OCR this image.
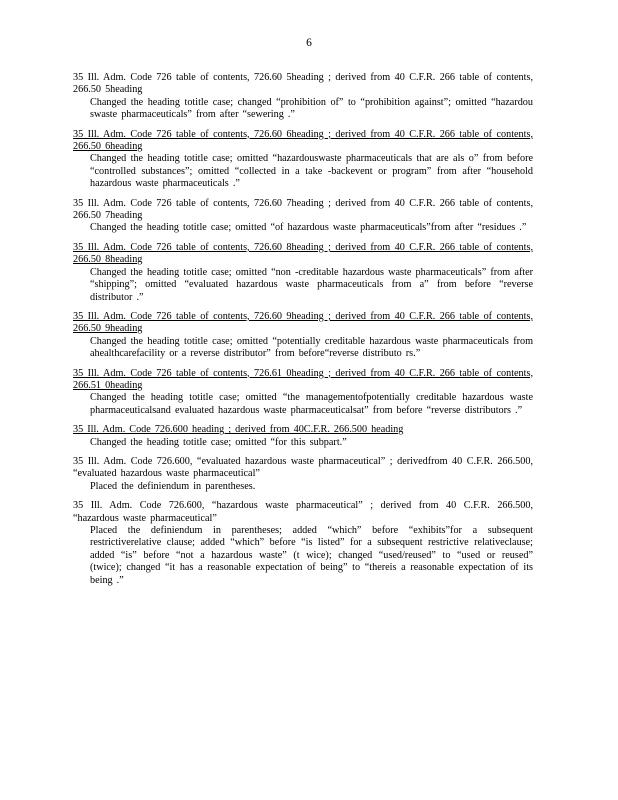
6
35 Ill. Adm. Code 726 table of contents, 726.60 5heading ; derived from 40 C.F.R. 266 table of contents, 266.50 5heading
Changed the heading totitle case; changed “prohibition of” to “prohibition against”; omitted “hazardou swaste pharmaceuticals” from after “sewering .”
35 Ill. Adm. Code 726 table of contents, 726.60 6heading ; derived from 40 C.F.R. 266 table of contents, 266.50 6heading
Changed the heading totitle case; omitted “hazardouswaste pharmaceuticals that are als o” from before “controlled substances”; omitted “collected in a take -backevent or program” from after “household hazardous waste pharmaceuticals .”
35 Ill. Adm. Code 726 table of contents, 726.60 7heading ; derived from 40 C.F.R. 266 table of contents, 266.50 7heading
Changed the heading totitle case; omitted “of hazardous waste pharmaceuticals”from after “residues .”
35 Ill. Adm. Code 726 table of contents, 726.60 8heading ; derived from 40 C.F.R. 266 table of contents, 266.50 8heading
Changed the heading totitle case; omitted “non -creditable hazardous waste pharmaceuticals” from after “shipping”; omitted “evaluated hazardous waste pharmaceuticals from a” from before “reverse distributor .”
35 Ill. Adm. Code 726 table of contents, 726.60 9heading ; derived from 40 C.F.R. 266 table of contents, 266.50 9heading
Changed the heading totitle case; omitted “potentially creditable hazardous waste pharmaceuticals from ahealthcarefacility or a reverse distributor” from before“reverse distributo rs.”
35 Ill. Adm. Code 726 table of contents, 726.61 0heading ; derived from 40 C.F.R. 266 table of contents, 266.51 0heading
Changed the heading totitle case; omitted “the managementofpotentially creditable hazardous waste pharmaceuticalsand evaluated hazardous waste pharmaceuticalsat” from before “reverse distributors .”
35 Ill. Adm. Code 726.600 heading ; derived from 40C.F.R. 266.500 heading
Changed the heading totitle case; omitted “for this subpart.”
35 Ill. Adm. Code 726.600, “evaluated hazardous waste pharmaceutical” ; derivedfrom 40 C.F.R. 266.500, “evaluated hazardous waste pharmaceutical”
Placed the definiendum in parentheses.
35 Ill. Adm. Code 726.600, “hazardous waste pharmaceutical” ; derived from 40 C.F.R. 266.500, “hazardous waste pharmaceutical”
Placed the definiendum in parentheses; added “which” before “exhibits”for a subsequent restrictiverelative clause; added “which” before “is listed” for a subsequent restrictive relativeclause; added “is” before “not a hazardous waste” (t wice); changed “used/reused” to “used or reused” (twice); changed “it has a reasonable expectation of being” to “thereis a reasonable expectation of its being .”
